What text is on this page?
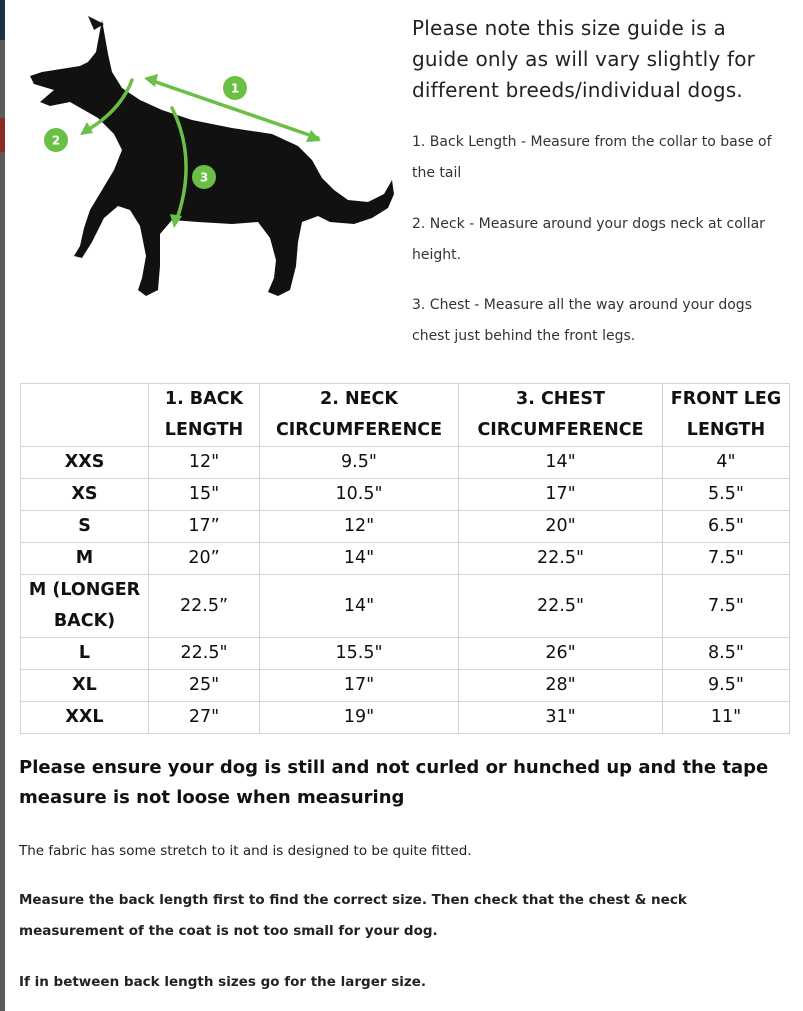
1
2
3
Please note this size guide is a guide only as will vary slightly for different breeds/individual dogs.
1. Back Length - Measure from the collar to base of the tail
2. Neck - Measure around your dogs neck at collar height.
3. Chest - Measure all the way around your dogs chest just behind the front legs.
	1. BACK LENGTH	2. NECK CIRCUMFERENCE	3. CHEST CIRCUMFERENCE	FRONT LEG LENGTH
XXS	12"	9.5"	14"	4"
XS	15"	10.5"	17"	5.5"
S	17”	12"	20"	6.5"
M	20”	14"	22.5"	7.5"
M (LONGER BACK)	22.5”	14"	22.5"	7.5"
L	22.5"	15.5"	26"	8.5"
XL	25"	17"	28"	9.5"
XXL	27"	19"	31"	11"
Please ensure your dog is still and not curled or hunched up and the tape measure is not loose when measuring
The fabric has some stretch to it and is designed to be quite fitted.
Measure the back length first to find the correct size. Then check that the chest & neck measurement of the coat is not too small for your dog.
If in between back length sizes go for the larger size.
